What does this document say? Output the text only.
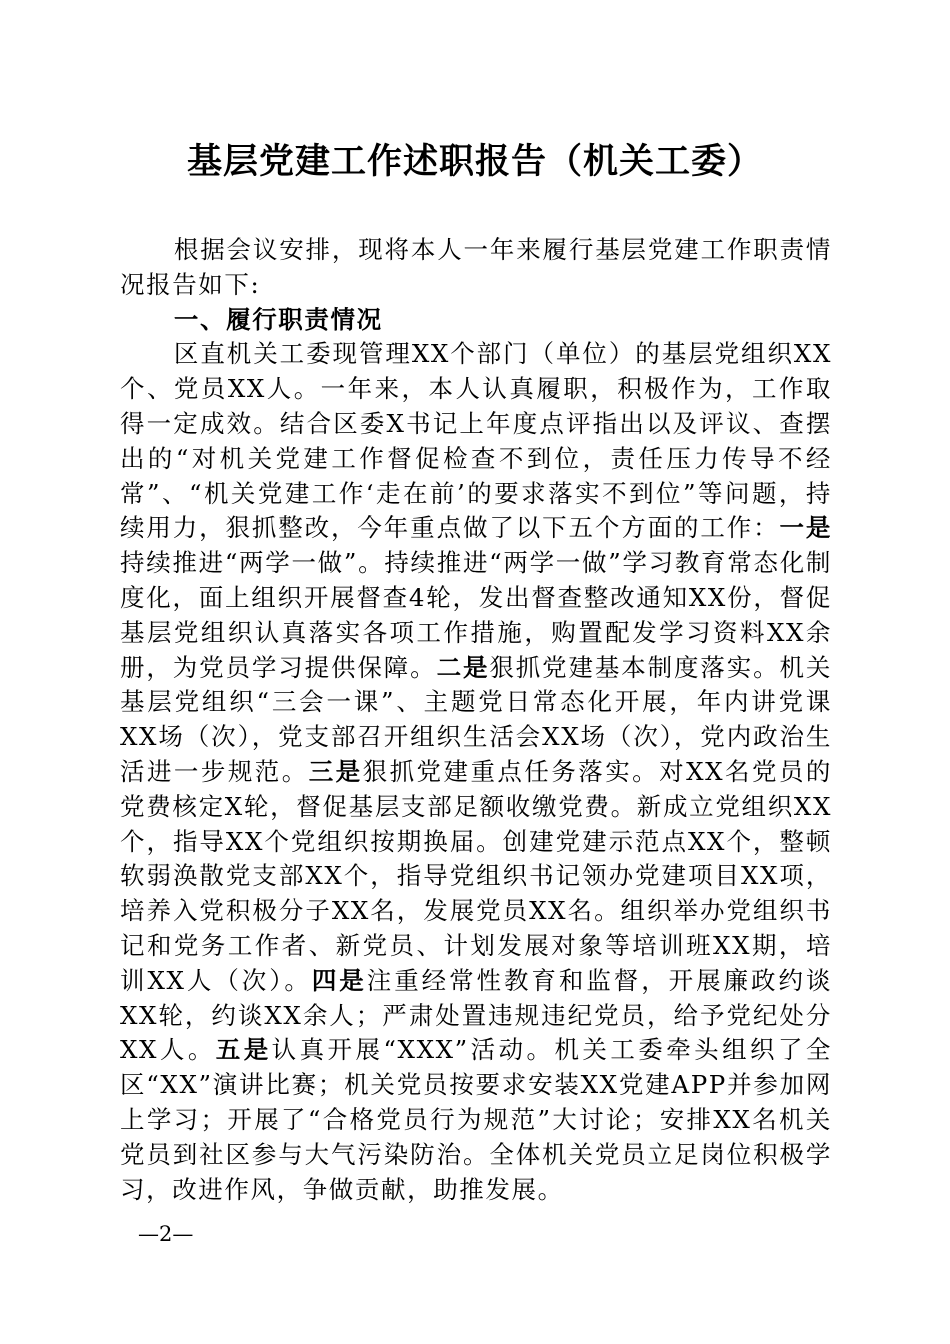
基层党建工作述职报告（机关工委）

根据会议安排，现将本人一年来履行基层党建工作职责情况报告如下:

一、履行职责情况

区直机关工委现管理XX个部门（单位）的基层党组织XX个、党员XX人。一年来，本人认真履职，积极作为，工作取得一定成效。结合区委X书记上年度点评指出以及评议、查摆出的“对机关党建工作督促检查不到位，责任压力传导不经常”、“机关党建工作‘走在前’的要求落实不到位”等问题，持续用力，狠抓整改，今年重点做了以下五个方面的工作：一是持续推进“两学一做”。持续推进“两学一做”学习教育常态化制度化，面上组织开展督查4轮，发出督查整改通知XX份，督促基层党组织认真落实各项工作措施，购置配发学习资料XX余册，为党员学习提供保障。二是狠抓党建基本制度落实。机关基层党组织“三会一课”、主题党日常态化开展，年内讲党课XX场（次），党支部召开组织生活会XX场（次），党内政治生活进一步规范。三是狠抓党建重点任务落实。对XX名党员的党费核定X轮，督促基层支部足额收缴党费。新成立党组织XX个，指导XX个党组织按期换届。创建党建示范点XX个，整顿软弱涣散党支部XX个，指导党组织书记领办党建项目XX项，培养入党积极分子XX名，发展党员XX名。组织举办党组织书记和党务工作者、新党员、计划发展对象等培训班XX期，培训XX人（次）。四是注重经常性教育和监督，开展廉政约谈XX轮，约谈XX余人；严肃处置违规违纪党员，给予党纪处分XX人。五是认真开展“XXX”活动。机关工委牵头组织了全区“XX”演讲比赛；机关党员按要求安装XX党建APP并参加网上学习；开展了“合格党员行为规范”大讨论；安排XX名机关党员到社区参与大气污染防治。全体机关党员立足岗位积极学习，改进作风，争做贡献，助推发展。

—2—
